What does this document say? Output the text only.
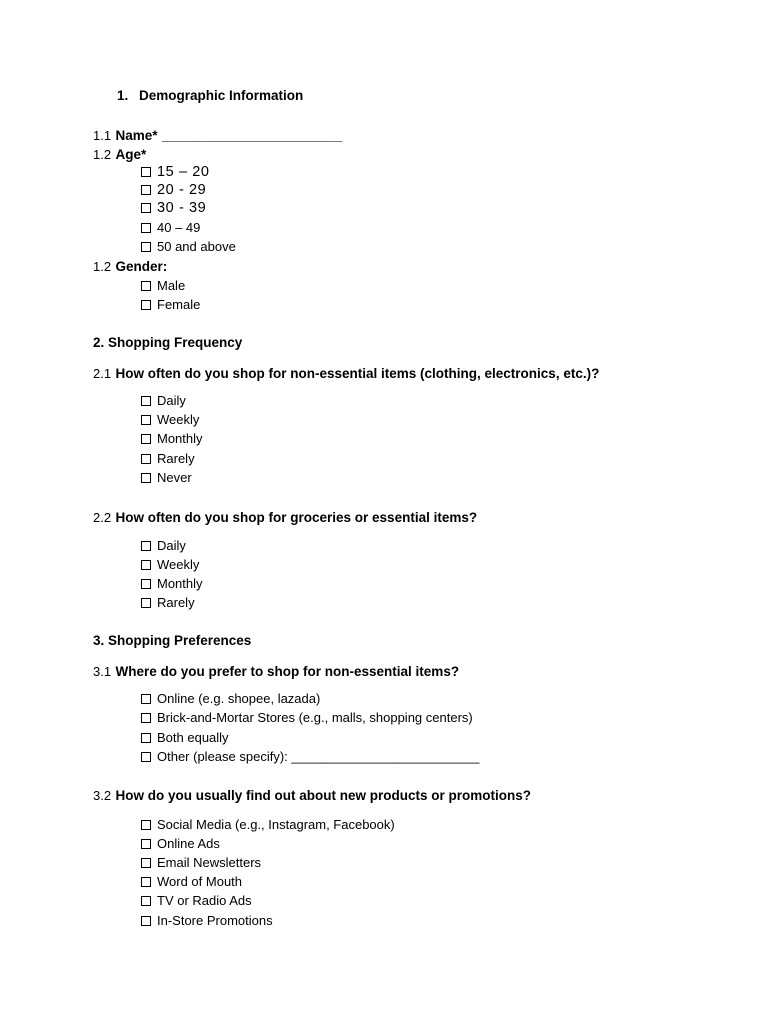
1. Demographic Information
1.1 Name* ________________________
1.2 Age*
15 – 20
20 - 29
30 - 39
40 – 49
50 and above
1.2 Gender:
Male
Female
2. Shopping Frequency
2.1 How often do you shop for non-essential items (clothing, electronics, etc.)?
Daily
Weekly
Monthly
Rarely
Never
2.2 How often do you shop for groceries or essential items?
Daily
Weekly
Monthly
Rarely
3. Shopping Preferences
3.1 Where do you prefer to shop for non-essential items?
Online (e.g. shopee, lazada)
Brick-and-Mortar Stores (e.g., malls, shopping centers)
Both equally
Other (please specify): __________________________
3.2 How do you usually find out about new products or promotions?
Social Media (e.g., Instagram, Facebook)
Online Ads
Email Newsletters
Word of Mouth
TV or Radio Ads
In-Store Promotions
